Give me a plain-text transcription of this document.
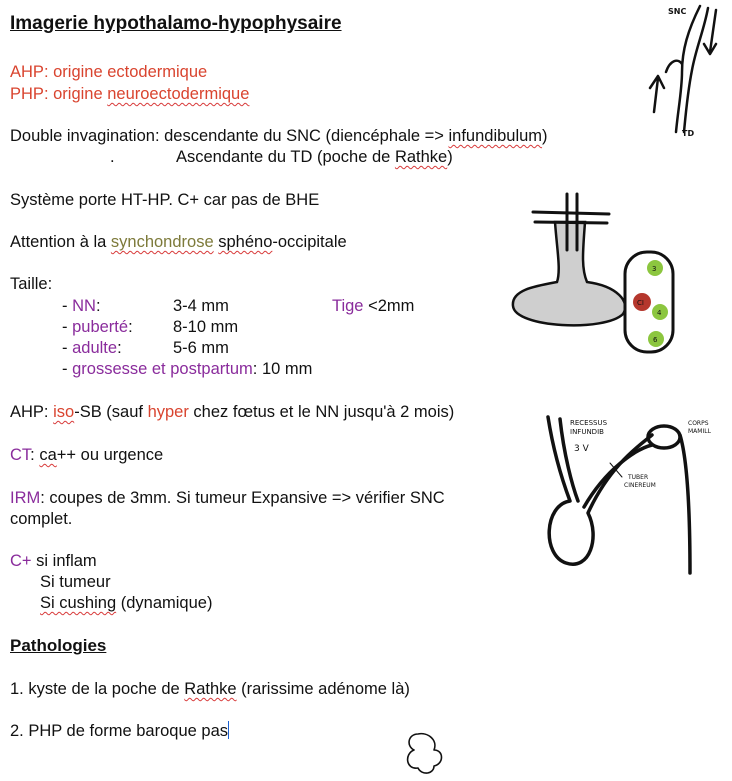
Imagerie hypothalamo-hypophysaire
AHP: origine ectodermique
PHP: origine neuroectodermique
Double invagination: descendante du SNC (diencéphale => infundibulum)
.	Ascendante du TD (poche de Rathke)
Système porte HT-HP. C+ car pas de BHE
Attention à la synchondrose sphéno-occipitale
Taille:
- NN:	3-4 mm	Tige <2mm
- puberté: 8-10 mm
- adulte:	5-6 mm
- grossesse et postpartum: 10 mm
AHP: iso-SB (sauf hyper chez fœtus et le NN jusqu'à 2 mois)
CT: ca++ ou urgence
IRM: coupes de 3mm. Si tumeur Expansive => vérifier SNC
complet.
C+ si inflam
Si tumeur
Si cushing (dynamique)
Pathologies
1. kyste de la poche de Rathke (rarissime adénome là)
2. PHP de forme baroque pas
SNC
TD
3
CI
4
6
RECESSUS
INFUNDIB
3 V
CORPS
MAMILL
TUBER
CINEREUM
